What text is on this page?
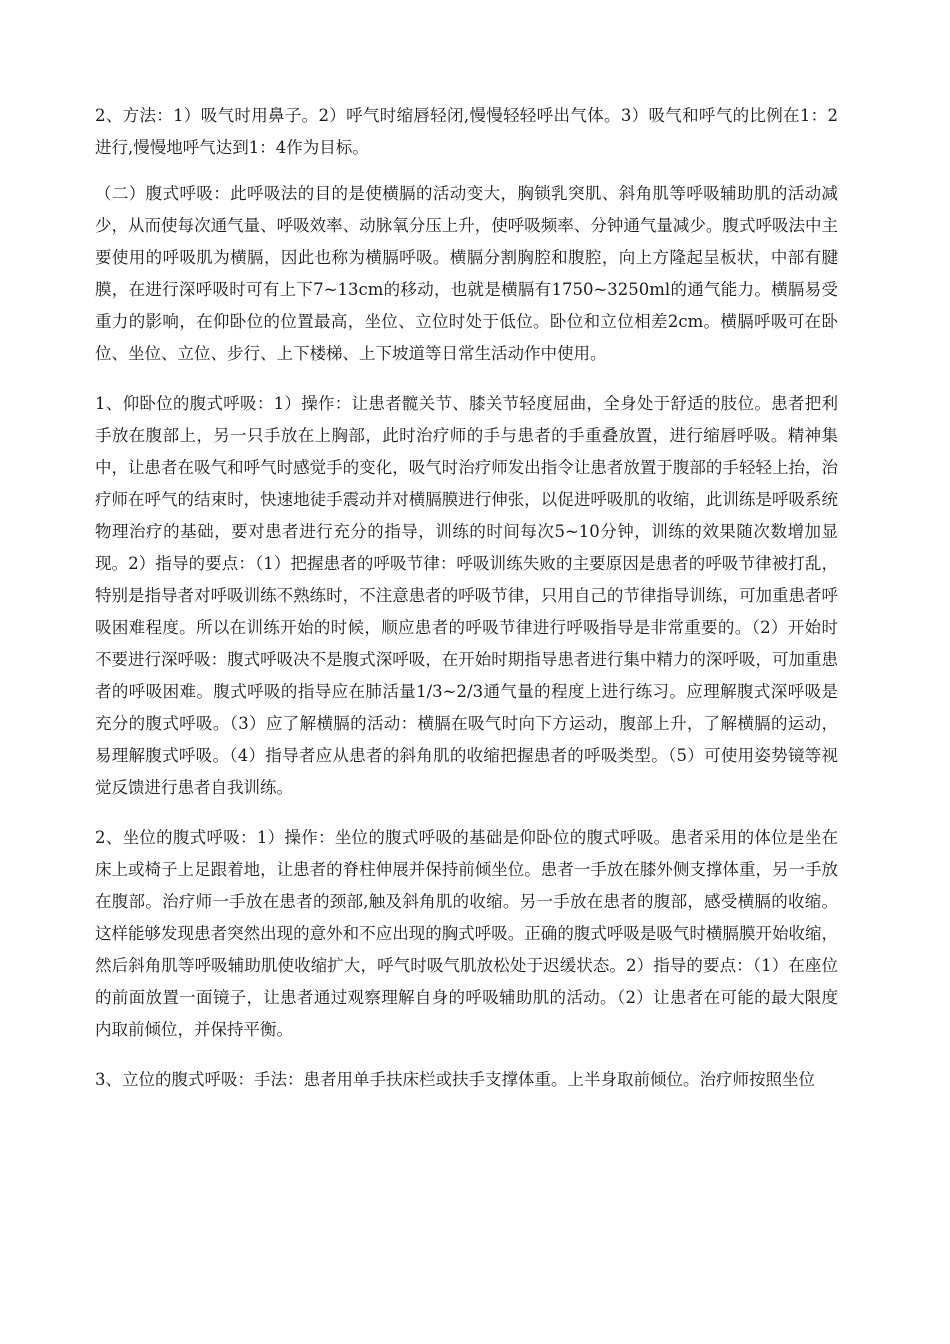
2、方法：1）吸气时用鼻子。2）呼气时缩唇轻闭,慢慢轻轻呼出气体。3）吸气和呼气的比例在1：2进行,慢慢地呼气达到1：4作为目标。

（二）腹式呼吸：此呼吸法的目的是使横膈的活动变大，胸锁乳突肌、斜角肌等呼吸辅助肌的活动减少，从而使每次通气量、呼吸效率、动脉氧分压上升，使呼吸频率、分钟通气量减少。腹式呼吸法中主要使用的呼吸肌为横膈，因此也称为横膈呼吸。横膈分割胸腔和腹腔，向上方隆起呈板状，中部有腱膜，在进行深呼吸时可有上下7~13cm的移动，也就是横膈有1750~3250ml的通气能力。横膈易受重力的影响，在仰卧位的位置最高，坐位、立位时处于低位。卧位和立位相差2cm。横膈呼吸可在卧位、坐位、立位、步行、上下楼梯、上下坡道等日常生活动作中使用。

1、仰卧位的腹式呼吸：1）操作：让患者髋关节、膝关节轻度屈曲，全身处于舒适的肢位。患者把利手放在腹部上，另一只手放在上胸部，此时治疗师的手与患者的手重叠放置，进行缩唇呼吸。精神集中，让患者在吸气和呼气时感觉手的变化，吸气时治疗师发出指令让患者放置于腹部的手轻轻上抬，治疗师在呼气的结束时，快速地徒手震动并对横膈膜进行伸张，以促进呼吸肌的收缩，此训练是呼吸系统物理治疗的基础，要对患者进行充分的指导，训练的时间每次5~10分钟，训练的效果随次数增加显现。2）指导的要点：（1）把握患者的呼吸节律：呼吸训练失败的主要原因是患者的呼吸节律被打乱，特别是指导者对呼吸训练不熟练时，不注意患者的呼吸节律，只用自己的节律指导训练，可加重患者呼吸困难程度。所以在训练开始的时候，顺应患者的呼吸节律进行呼吸指导是非常重要的。（2）开始时不要进行深呼吸：腹式呼吸决不是腹式深呼吸，在开始时期指导患者进行集中精力的深呼吸，可加重患者的呼吸困难。腹式呼吸的指导应在肺活量1/3~2/3通气量的程度上进行练习。应理解腹式深呼吸是充分的腹式呼吸。（3）应了解横膈的活动：横膈在吸气时向下方运动，腹部上升，了解横膈的运动，易理解腹式呼吸。（4）指导者应从患者的斜角肌的收缩把握患者的呼吸类型。（5）可使用姿势镜等视觉反馈进行患者自我训练。

2、坐位的腹式呼吸：1）操作：坐位的腹式呼吸的基础是仰卧位的腹式呼吸。患者采用的体位是坐在床上或椅子上足跟着地，让患者的脊柱伸展并保持前倾坐位。患者一手放在膝外侧支撑体重，另一手放在腹部。治疗师一手放在患者的颈部,触及斜角肌的收缩。另一手放在患者的腹部，感受横膈的收缩。这样能够发现患者突然出现的意外和不应出现的胸式呼吸。正确的腹式呼吸是吸气时横膈膜开始收缩，然后斜角肌等呼吸辅助肌使收缩扩大，呼气时吸气肌放松处于迟缓状态。2）指导的要点：（1）在座位的前面放置一面镜子，让患者通过观察理解自身的呼吸辅助肌的活动。（2）让患者在可能的最大限度内取前倾位，并保持平衡。

3、立位的腹式呼吸：手法：患者用单手扶床栏或扶手支撑体重。上半身取前倾位。治疗师按照坐位
